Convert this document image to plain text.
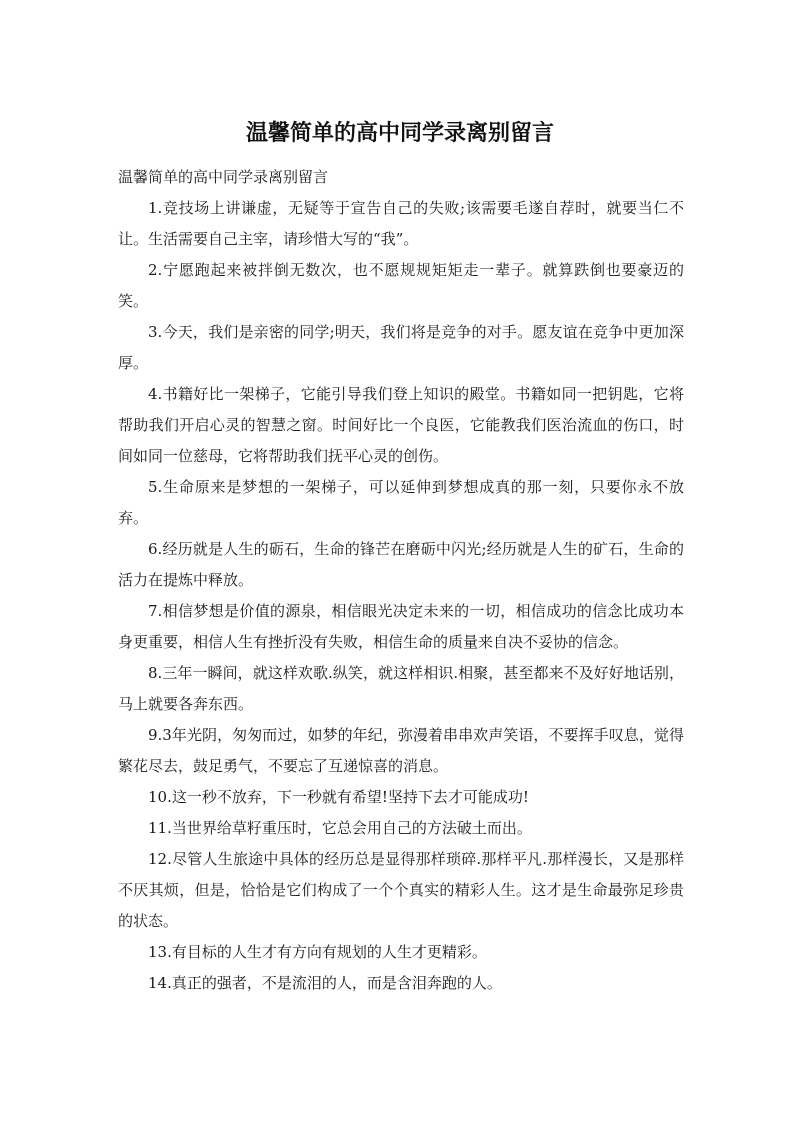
温馨简单的高中同学录离别留言

温馨简单的高中同学录离别留言

1.竞技场上讲谦虚，无疑等于宣告自己的失败;该需要毛遂自荐时，就要当仁不让。生活需要自己主宰，请珍惜大写的“我”。

2.宁愿跑起来被拌倒无数次，也不愿规规矩矩走一辈子。就算跌倒也要豪迈的笑。

3.今天，我们是亲密的同学;明天，我们将是竞争的对手。愿友谊在竞争中更加深厚。

4.书籍好比一架梯子，它能引导我们登上知识的殿堂。书籍如同一把钥匙，它将帮助我们开启心灵的智慧之窗。时间好比一个良医，它能教我们医治流血的伤口，时间如同一位慈母，它将帮助我们抚平心灵的创伤。

5.生命原来是梦想的一架梯子，可以延伸到梦想成真的那一刻，只要你永不放弃。

6.经历就是人生的砺石，生命的锋芒在磨砺中闪光;经历就是人生的矿石，生命的活力在提炼中释放。

7.相信梦想是价值的源泉，相信眼光决定未来的一切，相信成功的信念比成功本身更重要，相信人生有挫折没有失败，相信生命的质量来自决不妥协的信念。

8.三年一瞬间，就这样欢歌.纵笑，就这样相识.相聚，甚至都来不及好好地话别，马上就要各奔东西。

9.3年光阴，匆匆而过，如梦的年纪，弥漫着串串欢声笑语，不要挥手叹息，觉得繁花尽去，鼓足勇气，不要忘了互递惊喜的消息。

10.这一秒不放弃，下一秒就有希望!坚持下去才可能成功!

11.当世界给草籽重压时，它总会用自己的方法破土而出。

12.尽管人生旅途中具体的经历总是显得那样琐碎.那样平凡.那样漫长，又是那样不厌其烦，但是，恰恰是它们构成了一个个真实的精彩人生。这才是生命最弥足珍贵的状态。

13.有目标的人生才有方向有规划的人生才更精彩。

14.真正的强者，不是流泪的人，而是含泪奔跑的人。
